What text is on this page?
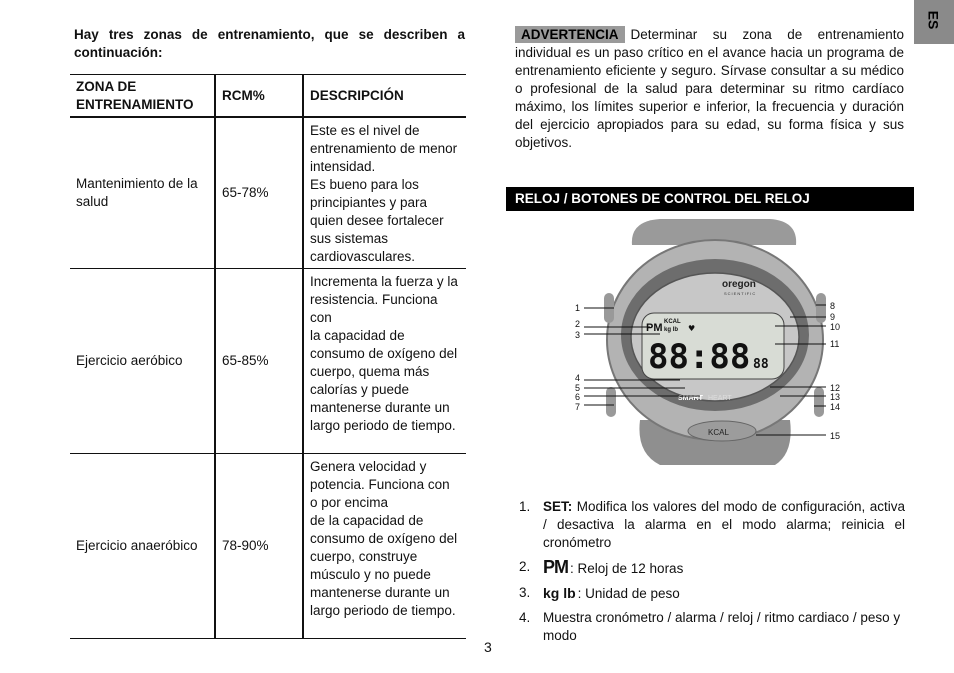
Hay tres zonas de entrenamiento, que se describen a continuación:
ZONA DE ENTRENAMIENTO	RCM%	DESCRIPCIÓN
Mantenimiento de la salud	65-78%	Este es el nivel de entrenamiento de menor intensidad.
Es bueno para los principiantes y para quien desee fortalecer sus sistemas cardiovasculares.
Ejercicio aeróbico	65-85%	Incrementa la fuerza y la resistencia. Funciona con
la capacidad de consumo de oxígeno del cuerpo, quema más calorías y puede mantenerse durante un largo periodo de tiempo.
Ejercicio anaeróbico	78-90%	Genera velocidad y potencia. Funciona con o por encima
de la capacidad de consumo de oxígeno del cuerpo, construye músculo y no puede mantenerse durante un largo periodo de tiempo.
3
ES
ADVERTENCIA Determinar su zona de entrenamiento individual es un paso crítico en el avance hacia un programa de entrenamiento eficiente y seguro. Sírvase consultar a su médico o profesional de la salud para determinar su ritmo cardíaco máximo, los límites superior e inferior, la frecuencia y duración del ejercicio apropiados para su edad, su forma física y sus objetivos.
RELOJ / BOTONES DE CONTROL DEL RELOJ
oregon
SCIENTIFIC
PM KCAL
kg lb ♥
88:88 88
SMART HEART
KCAL
1
2
3
4
5
6
7
8
9
10
11
12
13
14
15
1. SET: Modifica los valores del modo de configuración, activa / desactiva la alarma en el modo alarma; reinicia el cronómetro
2. PM : Reloj de 12 horas
3. kg lb : Unidad de peso
4. Muestra cronómetro / alarma / reloj / ritmo cardiaco / peso y modo
